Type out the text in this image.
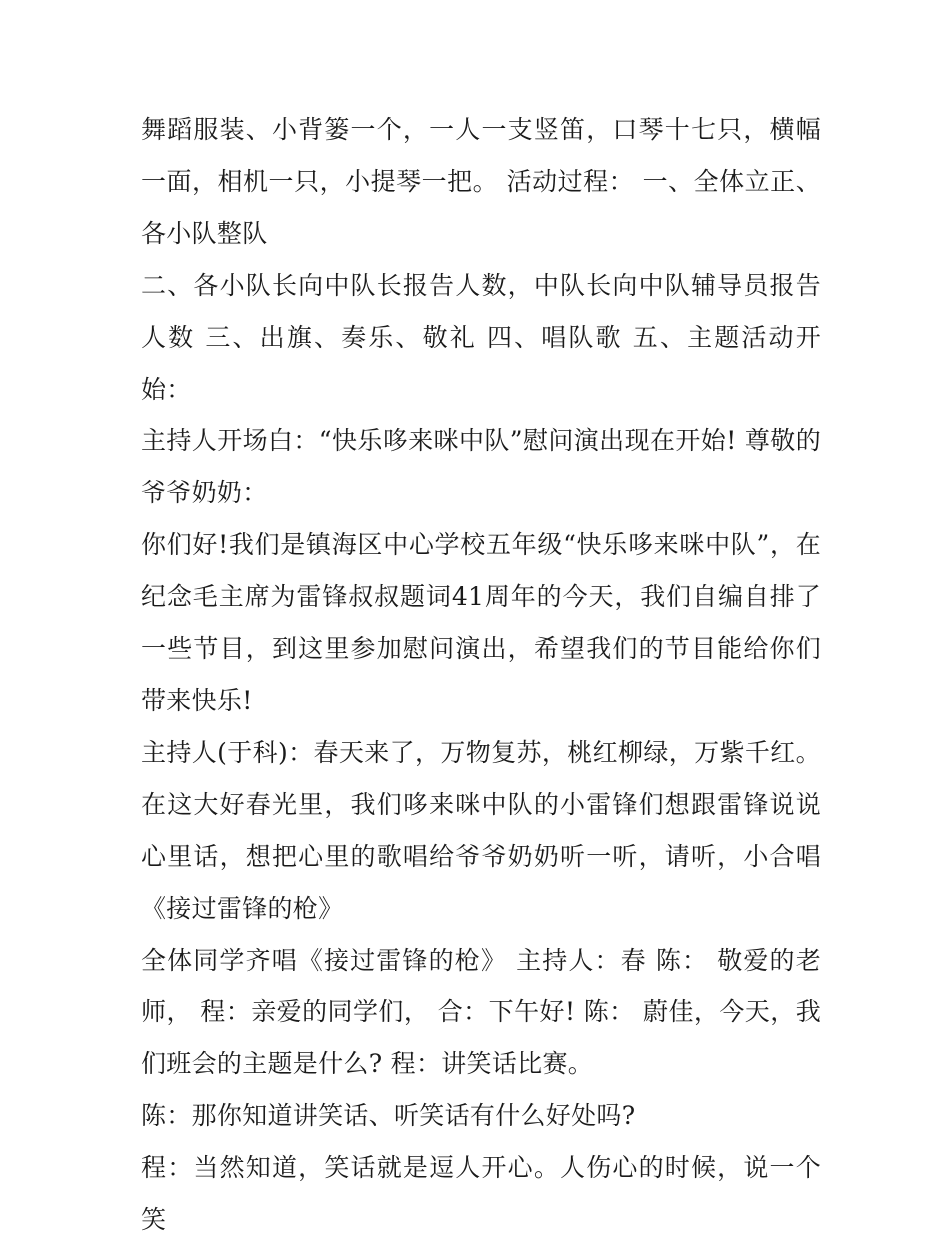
舞蹈服装、小背篓一个，一人一支竖笛，口琴十七只，横幅一面，相机一只，小提琴一把。 活动过程： 一、全体立正、各小队整队

二、各小队长向中队长报告人数，中队长向中队辅导员报告人数 三、出旗、奏乐、敬礼 四、唱队歌 五、主题活动开始：

主持人开场白：“快乐哆来咪中队”慰问演出现在开始! 尊敬的爷爷奶奶：

你们好!我们是镇海区中心学校五年级“快乐哆来咪中队”，在纪念毛主席为雷锋叔叔题词41周年的今天，我们自编自排了一些节目，到这里参加慰问演出，希望我们的节目能给你们带来快乐!

主持人(于科)：春天来了，万物复苏，桃红柳绿，万紫千红。在这大好春光里，我们哆来咪中队的小雷锋们想跟雷锋说说心里话，想把心里的歌唱给爷爷奶奶听一听，请听，小合唱《接过雷锋的枪》

全体同学齐唱《接过雷锋的枪》 主持人：春 陈： 敬爱的老师， 程：亲爱的同学们， 合：下午好! 陈： 蔚佳，今天，我们班会的主题是什么? 程：讲笑话比赛。

陈：那你知道讲笑话、听笑话有什么好处吗?

程：当然知道，笑话就是逗人开心。人伤心的时候，说一个笑
